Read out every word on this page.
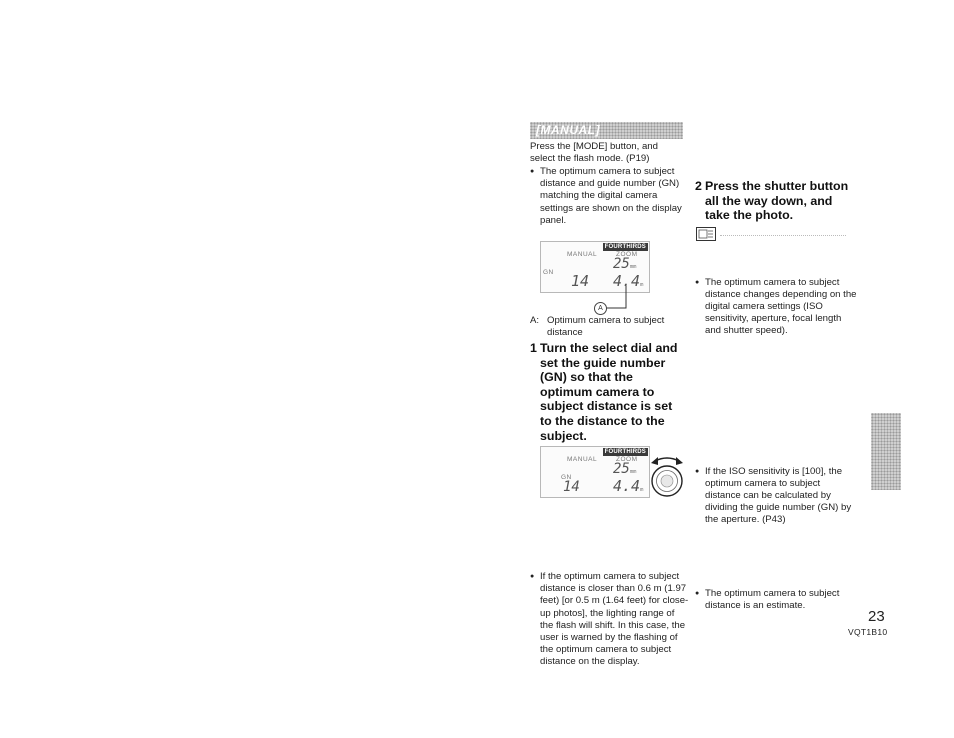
[MANUAL]
Press the [MODE] button, and select the flash mode. (P19)
● The optimum camera to subject distance and guide number (GN) matching the digital camera settings are shown on the display panel.
FOURTHIRDS
MANUAL	ZOOM
25mm
GN 14 4.4m
A
A: Optimum camera to subject distance
1 Turn the select dial and set the guide number (GN) so that the optimum camera to subject distance is set to the distance to the subject.
FOURTHIRDS
MANUAL	ZOOM
25mm
GN
14 4.4m
● If the optimum camera to subject distance is closer than 0.6 m (1.97 feet) [or 0.5 m (1.64 feet) for close-up photos], the lighting range of the flash will shift. In this case, the user is warned by the flashing of the optimum camera to subject distance on the display.
● The optimum camera to subject distance changes depending on the digital camera settings (ISO sensitivity, aperture, focal length and shutter speed).
2 Press the shutter button all the way down, and take the photo.
● If the ISO sensitivity is [100], the optimum camera to subject distance can be calculated by dividing the guide number (GN) by the aperture. (P43)
● The optimum camera to subject distance is an estimate.
23
VQT1B10
